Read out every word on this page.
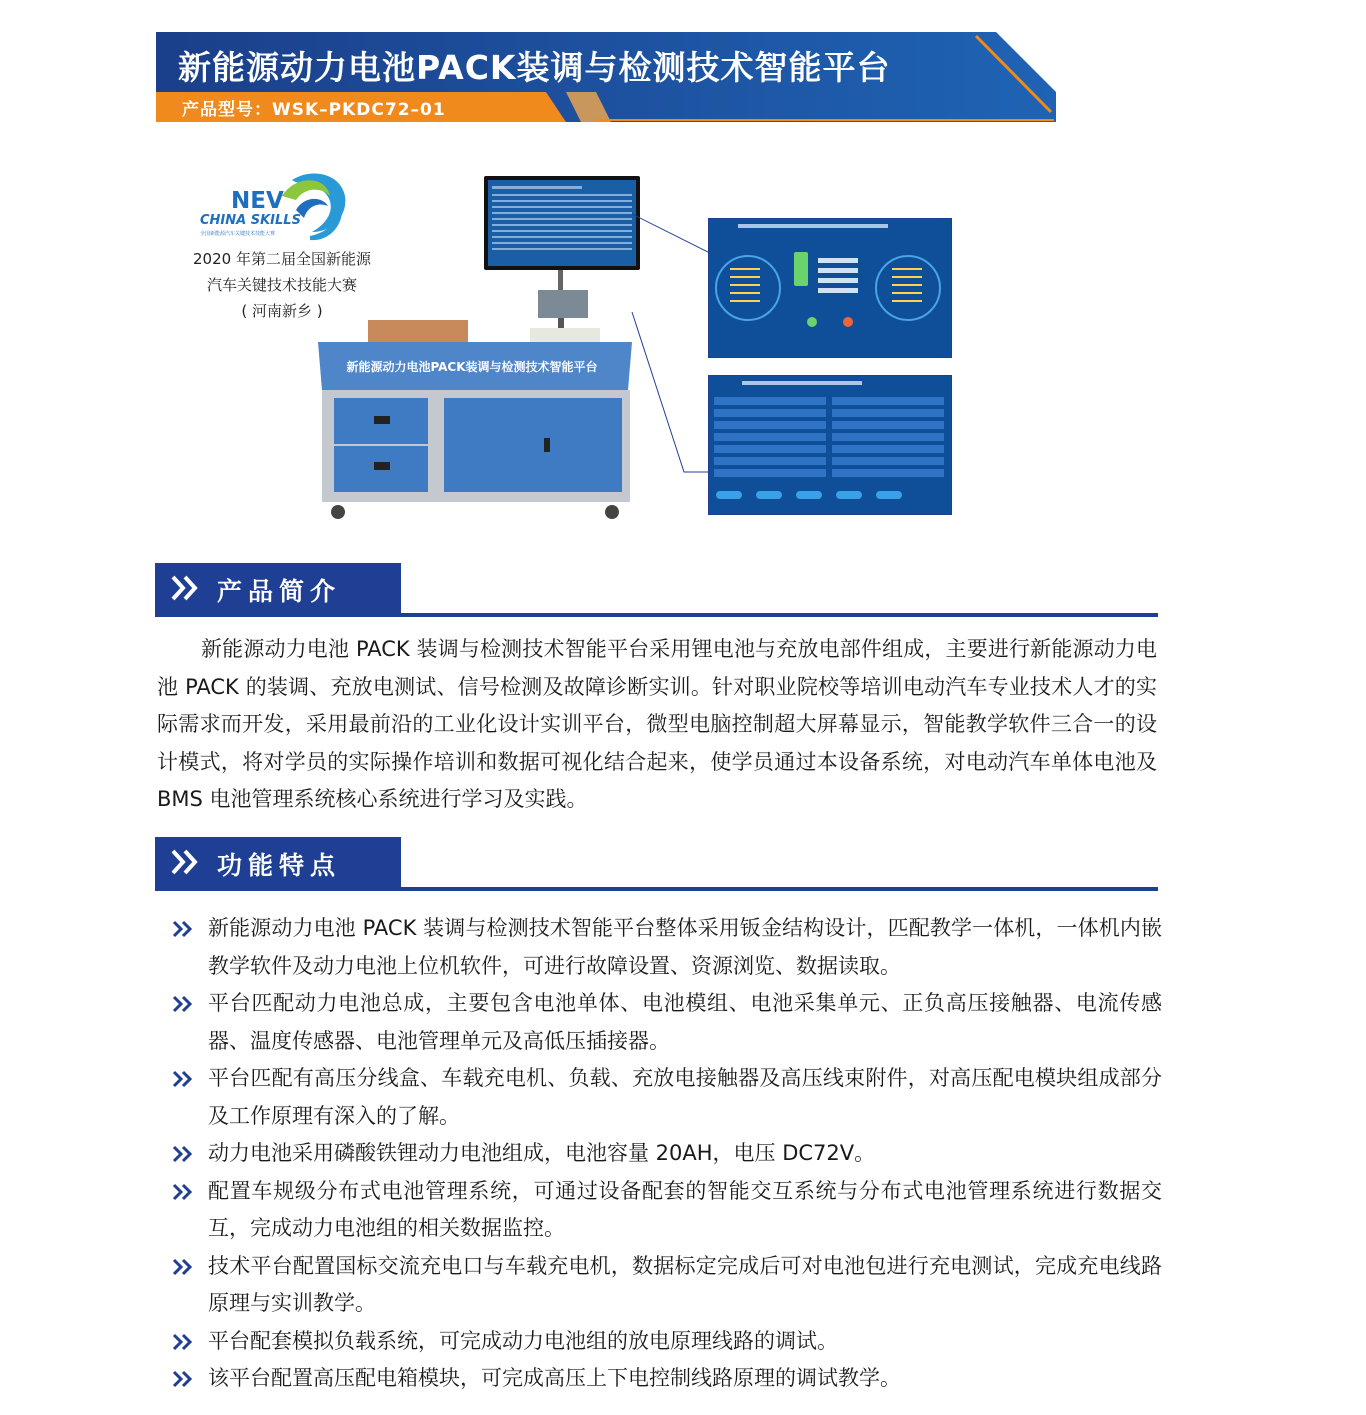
新能源动力电池PACK装调与检测技术智能平台
产品型号：WSK–PKDC72–01
NEV
CHINA SKILLS
全国新能源汽车关键技术技能大赛
2020 年第二届全国新能源
汽车关键技术技能大赛
( 河南新乡 )
新能源动力电池PACK装调与检测技术智能平台
产品简介
新能源动力电池 PACK 装调与检测技术智能平台采用锂电池与充放电部件组成，主要进行新能源动力电池 PACK 的装调、充放电测试、信号检测及故障诊断实训。针对职业院校等培训电动汽车专业技术人才的实际需求而开发，采用最前沿的工业化设计实训平台，微型电脑控制超大屏幕显示，智能教学软件三合一的设计模式，将对学员的实际操作培训和数据可视化结合起来，使学员通过本设备系统，对电动汽车单体电池及 BMS 电池管理系统核心系统进行学习及实践。
功能特点
新能源动力电池 PACK 装调与检测技术智能平台整体采用钣金结构设计，匹配教学一体机，一体机内嵌教学软件及动力电池上位机软件，可进行故障设置、资源浏览、数据读取。
平台匹配动力电池总成，主要包含电池单体、电池模组、电池采集单元、正负高压接触器、电流传感器、温度传感器、电池管理单元及高低压插接器。
平台匹配有高压分线盒、车载充电机、负载、充放电接触器及高压线束附件，对高压配电模块组成部分及工作原理有深入的了解。
动力电池采用磷酸铁锂动力电池组成，电池容量 20AH，电压 DC72V。
配置车规级分布式电池管理系统，可通过设备配套的智能交互系统与分布式电池管理系统进行数据交互，完成动力电池组的相关数据监控。
技术平台配置国标交流充电口与车载充电机，数据标定完成后可对电池包进行充电测试，完成充电线路原理与实训教学。
平台配套模拟负载系统，可完成动力电池组的放电原理线路的调试。
该平台配置高压配电箱模块，可完成高压上下电控制线路原理的调试教学。
